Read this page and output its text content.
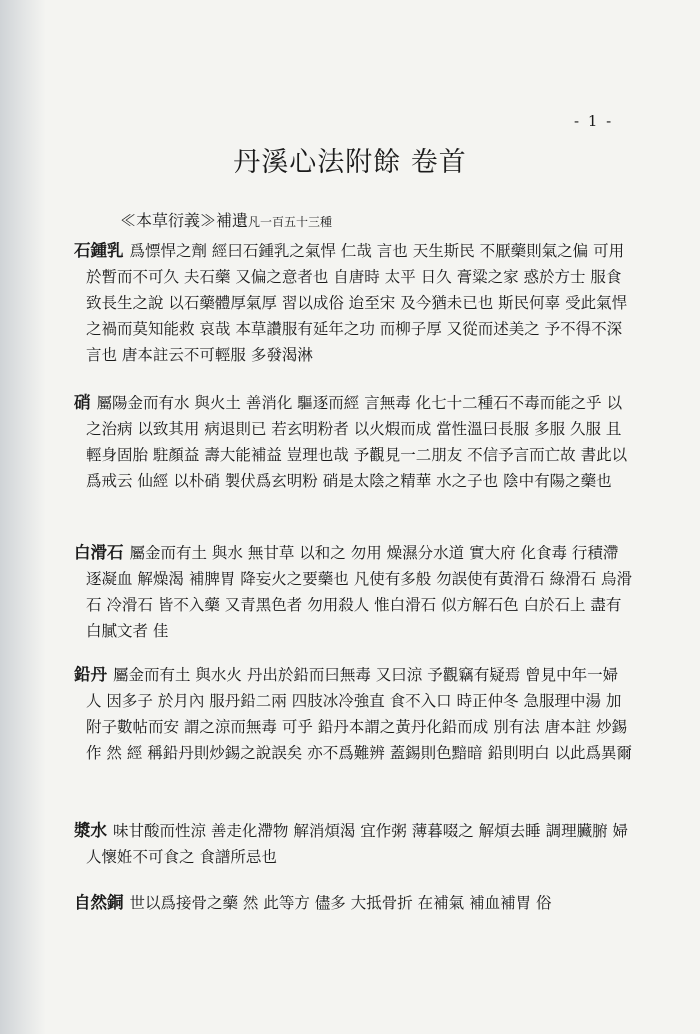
- 1 -
丹溪心法附餘 卷首
≪本草衍義≫補遺凡一百五十三種
石鍾乳 爲慓悍之劑 經曰石鍾乳之氣悍 仁哉 言也 天生斯民 不厭藥則氣之偏 可用於暫而不可久 夫石藥 又偏之意者也 自唐時 太平 日久 膏粱之家 惑於方士 服食致長生之說 以石藥體厚氣厚 習以成俗 迨至宋 及今猶未已也 斯民何辜 受此氣悍之禍而莫知能救 哀哉 本草讚服有延年之功 而柳子厚 又從而述美之 予不得不深言也 唐本註云不可輕服 多發渴淋
硝 屬陽金而有水 與火土 善消化 驅逐而經 言無毒 化七十二種石不毒而能之乎 以之治病 以致其用 病退則已 若玄明粉者 以火煆而成 當性溫曰長服 多服 久服 且輕身固胎 駐顏益 壽大能補益 豈理也哉 予觀見一二朋友 不信予言而亡故 書此以爲戒云 仙經 以朴硝 製伏爲玄明粉 硝是太陰之精華 水之子也 陰中有陽之藥也
白滑石 屬金而有土 與水 無甘草 以和之 勿用 燥濕分水道 實大府 化食毒 行積滯 逐凝血 解燥渴 補脾胃 降妄火之要藥也 凡使有多般 勿誤使有黃滑石 綠滑石 烏滑石 冷滑石 皆不入藥 又青黑色者 勿用殺人 惟白滑石 似方解石色 白於石上 盡有白膩文者 佳
鉛丹 屬金而有土 與水火 丹出於鉛而曰無毒 又曰涼 予觀竊有疑焉 曾見中年一婦人 因多子 於月內 服丹鉛二兩 四肢冰冷強直 食不入口 時正仲冬 急服理中湯 加附子數帖而安 謂之涼而無毒 可乎 鉛丹本謂之黃丹化鉛而成 別有法 唐本註 炒錫作 然 經 稱鉛丹則炒錫之說誤矣 亦不爲難辨 蓋錫則色黯暗 鉛則明白 以此爲異爾
漿水 味甘酸而性涼 善走化滯物 解消煩渴 宜作粥 薄暮啜之 解煩去睡 調理臟腑 婦人懷姙不可食之 食譜所忌也
自然銅 世以爲接骨之藥 然 此等方 儘多 大抵骨折 在補氣 補血補胃 俗
